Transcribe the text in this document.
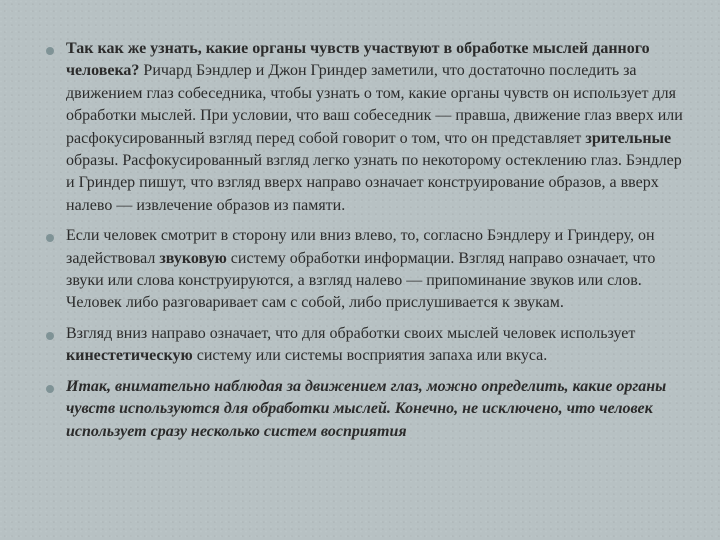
Так как же узнать, какие органы чувств участвуют в обработке мыслей данного человека? Ричард Бэндлер и Джон Гриндер заметили, что достаточно последить за движением глаз собеседника, чтобы узнать о том, какие органы чувств он использует для обработки мыслей. При условии, что ваш собеседник — правша, движение глаз вверх или расфокусированный взгляд перед собой говорит о том, что он представляет зрительные образы. Расфокусированный взгляд легко узнать по некоторому остеклению глаз. Бэндлер и Гриндер пишут, что взгляд вверх направо означает конструирование образов, а вверх налево — извлечение образов из памяти.
Если человек смотрит в сторону или вниз влево, то, согласно Бэндлеру и Гриндеру, он задействовал звуковую систему обработки информации. Взгляд направо означает, что звуки или слова конструируются, а взгляд налево — припоминание звуков или слов. Человек либо разговаривает сам с собой, либо прислушивается к звукам.
Взгляд вниз направо означает, что для обработки своих мыслей человек использует кинестетическую систему или системы восприятия запаха или вкуса.
Итак, внимательно наблюдая за движением глаз, можно определить, какие органы чувств используются для обработки мыслей. Конечно, не исключено, что человек использует сразу несколько систем восприятия
